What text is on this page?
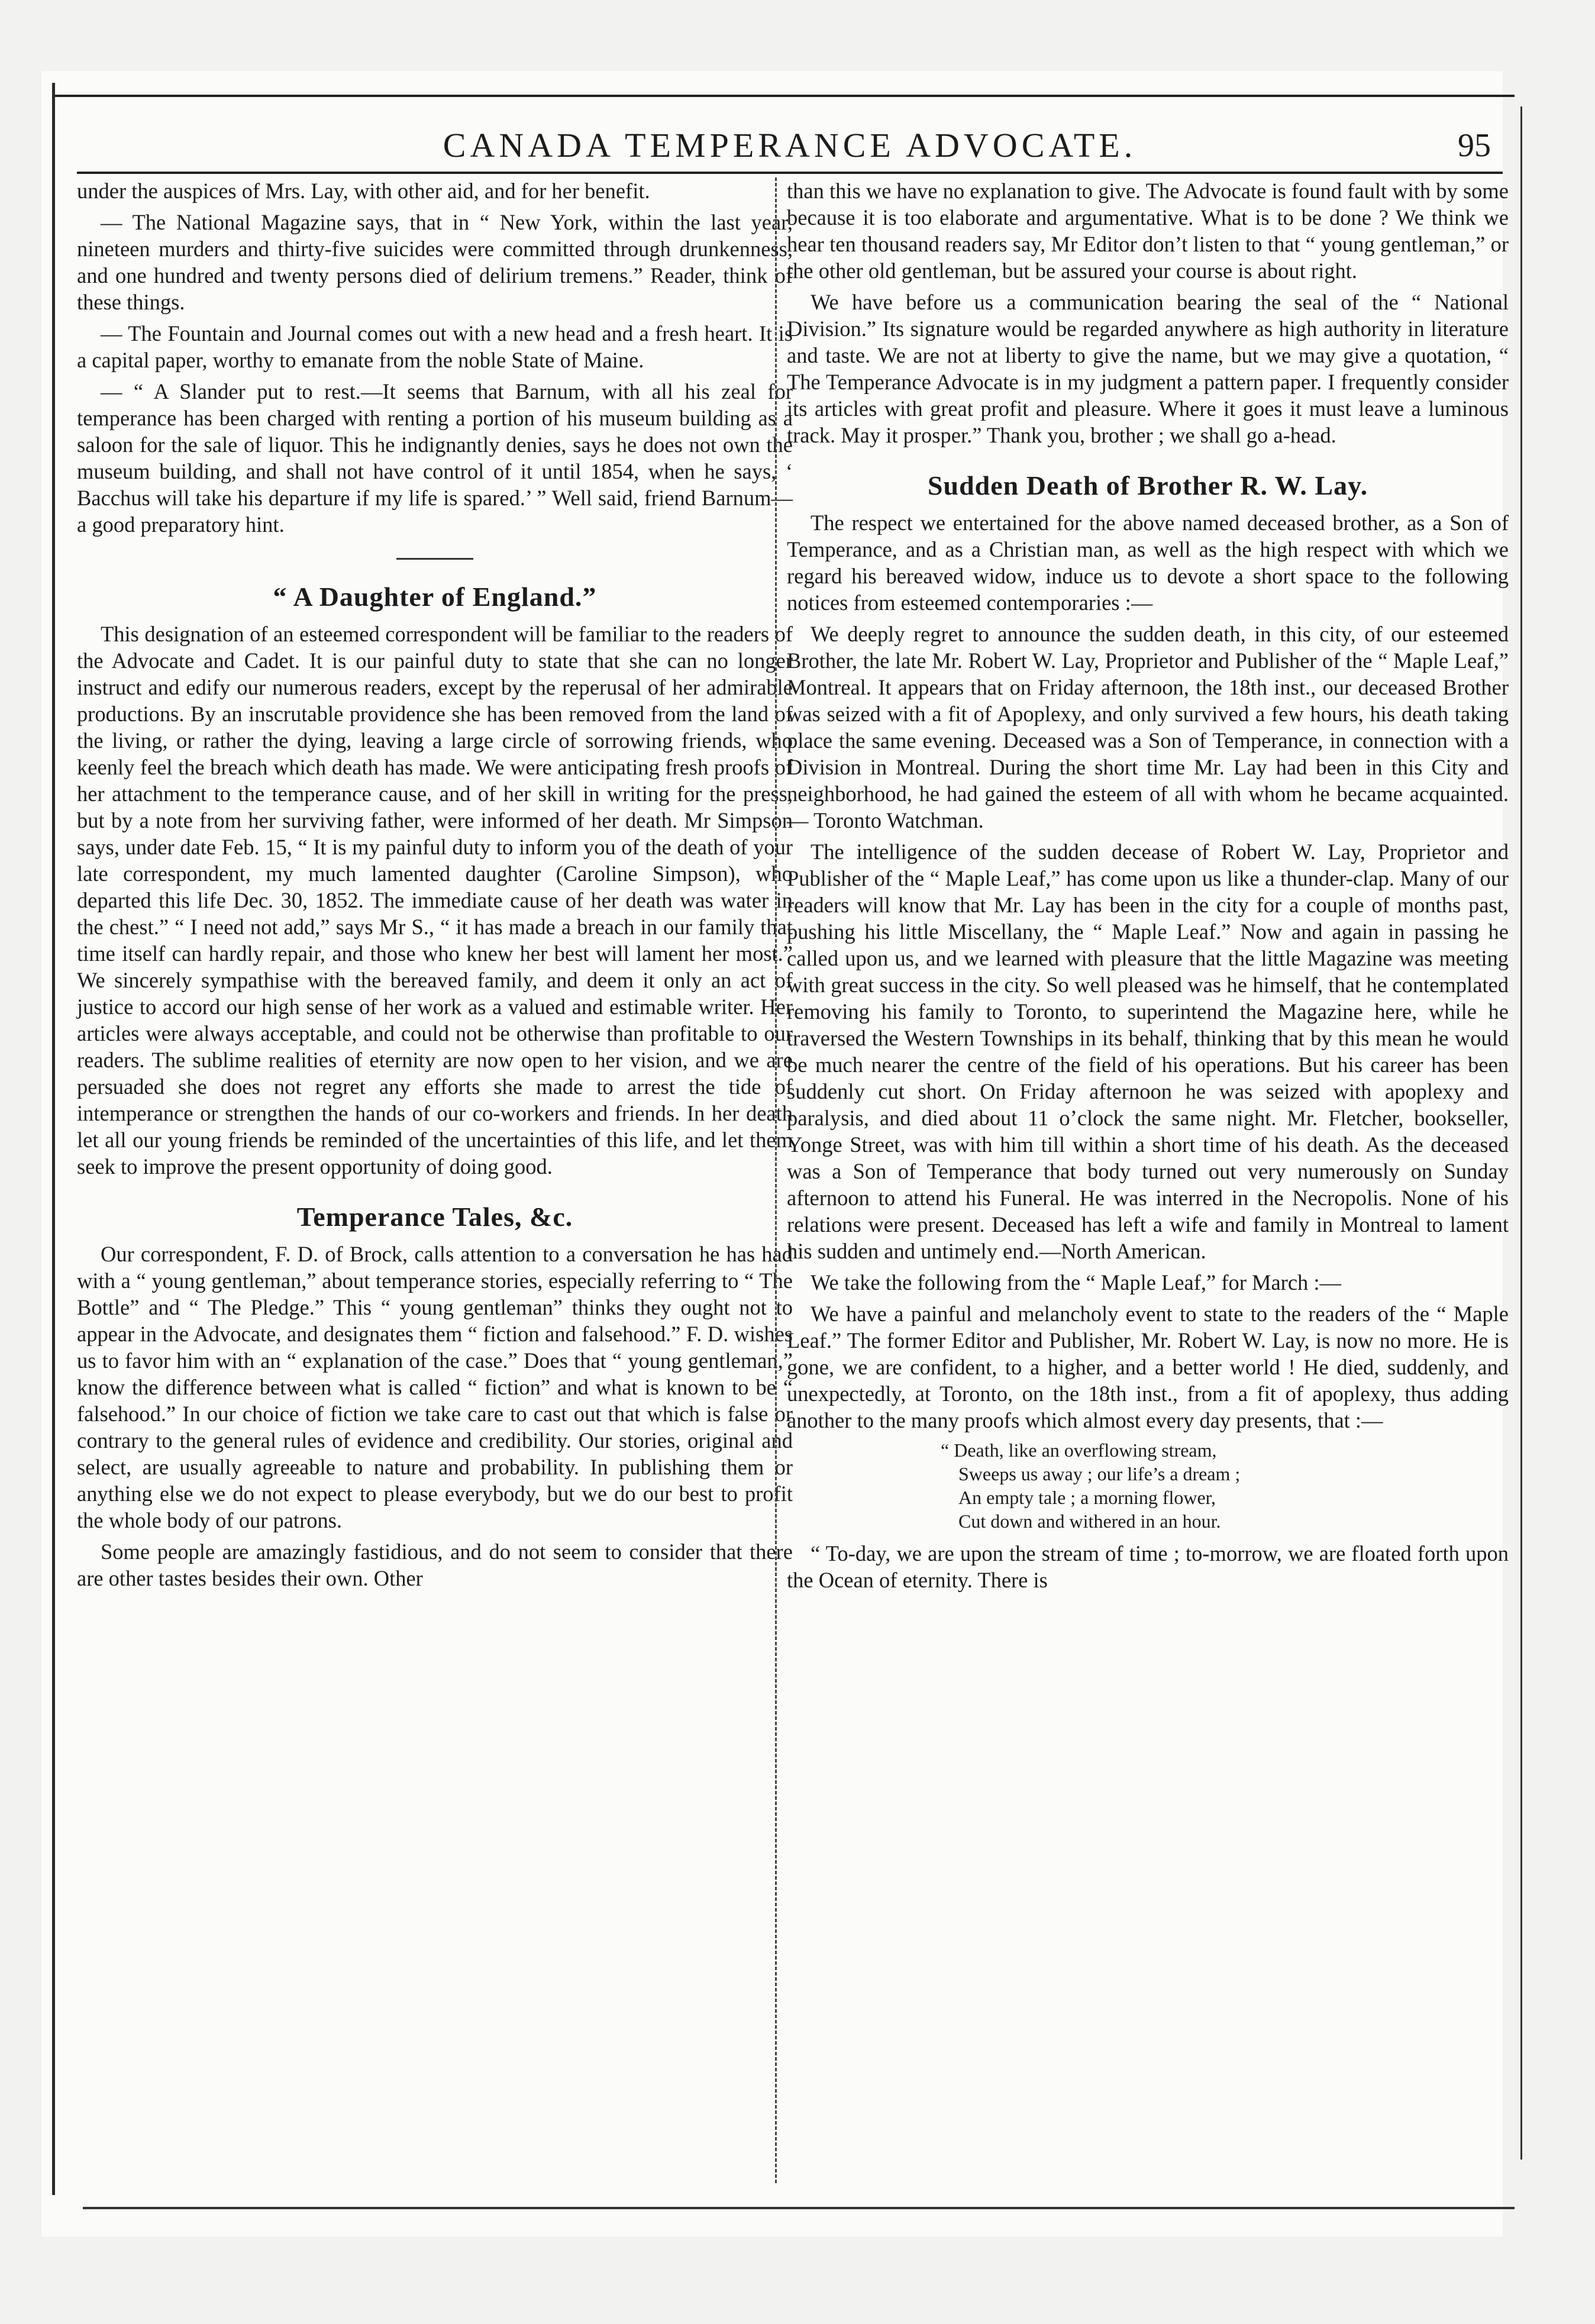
CANADA TEMPERANCE ADVOCATE.	95

under the auspices of Mrs. Lay, with other aid, and for her benefit.

— The National Magazine says, that in “ New York, within the last year, nineteen murders and thirty-five suicides were committed through drunkenness, and one hundred and twenty persons died of delirium tremens.” Reader, think of these things.

— The Fountain and Journal comes out with a new head and a fresh heart. It is a capital paper, worthy to emanate from the noble State of Maine.

— “ A Slander put to rest.—It seems that Barnum, with all his zeal for temperance has been charged with renting a portion of his museum building as a saloon for the sale of liquor. This he indignantly denies, says he does not own the museum building, and shall not have control of it until 1854, when he says, ‘ Bacchus will take his departure if my life is spared.’ ” Well said, friend Barnum—a good preparatory hint.

“ A Daughter of England.”

This designation of an esteemed correspondent will be familiar to the readers of the Advocate and Cadet. It is our painful duty to state that she can no longer instruct and edify our numerous readers, except by the reperusal of her admirable productions. By an inscrutable providence she has been removed from the land of the living, or rather the dying, leaving a large circle of sorrowing friends, who keenly feel the breach which death has made. We were anticipating fresh proofs of her attachment to the temperance cause, and of her skill in writing for the press, but by a note from her surviving father, were informed of her death. Mr Simpson says, under date Feb. 15, “ It is my painful duty to inform you of the death of your late correspondent, my much lamented daughter (Caroline Simpson), who departed this life Dec. 30, 1852. The immediate cause of her death was water in the chest.” “ I need not add,” says Mr S., “ it has made a breach in our family that time itself can hardly repair, and those who knew her best will lament her most.” We sincerely sympathise with the bereaved family, and deem it only an act of justice to accord our high sense of her work as a valued and estimable writer. Her articles were always acceptable, and could not be otherwise than profitable to our readers. The sublime realities of eternity are now open to her vision, and we are persuaded she does not regret any efforts she made to arrest the tide of intemperance or strengthen the hands of our co-workers and friends. In her death let all our young friends be reminded of the uncertainties of this life, and let them seek to improve the present opportunity of doing good.

Temperance Tales, &c.

Our correspondent, F. D. of Brock, calls attention to a conversation he has had with a “ young gentleman,” about temperance stories, especially referring to “ The Bottle” and “ The Pledge.” This “ young gentleman” thinks they ought not to appear in the Advocate, and designates them “ fiction and falsehood.” F. D. wishes us to favor him with an “ explanation of the case.” Does that “ young gentleman,” know the difference between what is called “ fiction” and what is known to be “ falsehood.” In our choice of fiction we take care to cast out that which is false or contrary to the general rules of evidence and credibility. Our stories, original and select, are usually agreeable to nature and probability. In publishing them or anything else we do not expect to please everybody, but we do our best to profit the whole body of our patrons.

Some people are amazingly fastidious, and do not seem to consider that there are other tastes besides their own. Other

than this we have no explanation to give. The Advocate is found fault with by some because it is too elaborate and argumentative. What is to be done ? We think we hear ten thousand readers say, Mr Editor don’t listen to that “ young gentleman,” or the other old gentleman, but be assured your course is about right.

We have before us a communication bearing the seal of the “ National Division.” Its signature would be regarded anywhere as high authority in literature and taste. We are not at liberty to give the name, but we may give a quotation, “ The Temperance Advocate is in my judgment a pattern paper. I frequently consider its articles with great profit and pleasure. Where it goes it must leave a luminous track. May it prosper.” Thank you, brother ; we shall go a-head.

Sudden Death of Brother R. W. Lay.

The respect we entertained for the above named deceased brother, as a Son of Temperance, and as a Christian man, as well as the high respect with which we regard his bereaved widow, induce us to devote a short space to the following notices from esteemed contemporaries :—

We deeply regret to announce the sudden death, in this city, of our esteemed Brother, the late Mr. Robert W. Lay, Proprietor and Publisher of the “ Maple Leaf,” Montreal. It appears that on Friday afternoon, the 18th inst., our deceased Brother was seized with a fit of Apoplexy, and only survived a few hours, his death taking place the same evening. Deceased was a Son of Temperance, in connection with a Division in Montreal. During the short time Mr. Lay had been in this City and neighborhood, he had gained the esteem of all with whom he became acquainted.— Toronto Watchman.

The intelligence of the sudden decease of Robert W. Lay, Proprietor and Publisher of the “ Maple Leaf,” has come upon us like a thunder-clap. Many of our readers will know that Mr. Lay has been in the city for a couple of months past, pushing his little Miscellany, the “ Maple Leaf.” Now and again in passing he called upon us, and we learned with pleasure that the little Magazine was meeting with great success in the city. So well pleased was he himself, that he contemplated removing his family to Toronto, to superintend the Magazine here, while he traversed the Western Townships in its behalf, thinking that by this mean he would be much nearer the centre of the field of his operations. But his career has been suddenly cut short. On Friday afternoon he was seized with apoplexy and paralysis, and died about 11 o’clock the same night. Mr. Fletcher, bookseller, Yonge Street, was with him till within a short time of his death. As the deceased was a Son of Temperance that body turned out very numerously on Sunday afternoon to attend his Funeral. He was interred in the Necropolis. None of his relations were present. Deceased has left a wife and family in Montreal to lament his sudden and untimely end.—North American.

We take the following from the “ Maple Leaf,” for March :—

We have a painful and melancholy event to state to the readers of the “ Maple Leaf.” The former Editor and Publisher, Mr. Robert W. Lay, is now no more. He is gone, we are confident, to a higher, and a better world ! He died, suddenly, and unexpectedly, at Toronto, on the 18th inst., from a fit of apoplexy, thus adding another to the many proofs which almost every day presents, that :—

“ Death, like an overflowing stream,
Sweeps us away ; our life’s a dream ;
An empty tale ; a morning flower,
Cut down and withered in an hour.

“ To-day, we are upon the stream of time ; to-morrow, we are floated forth upon the Ocean of eternity. There is
